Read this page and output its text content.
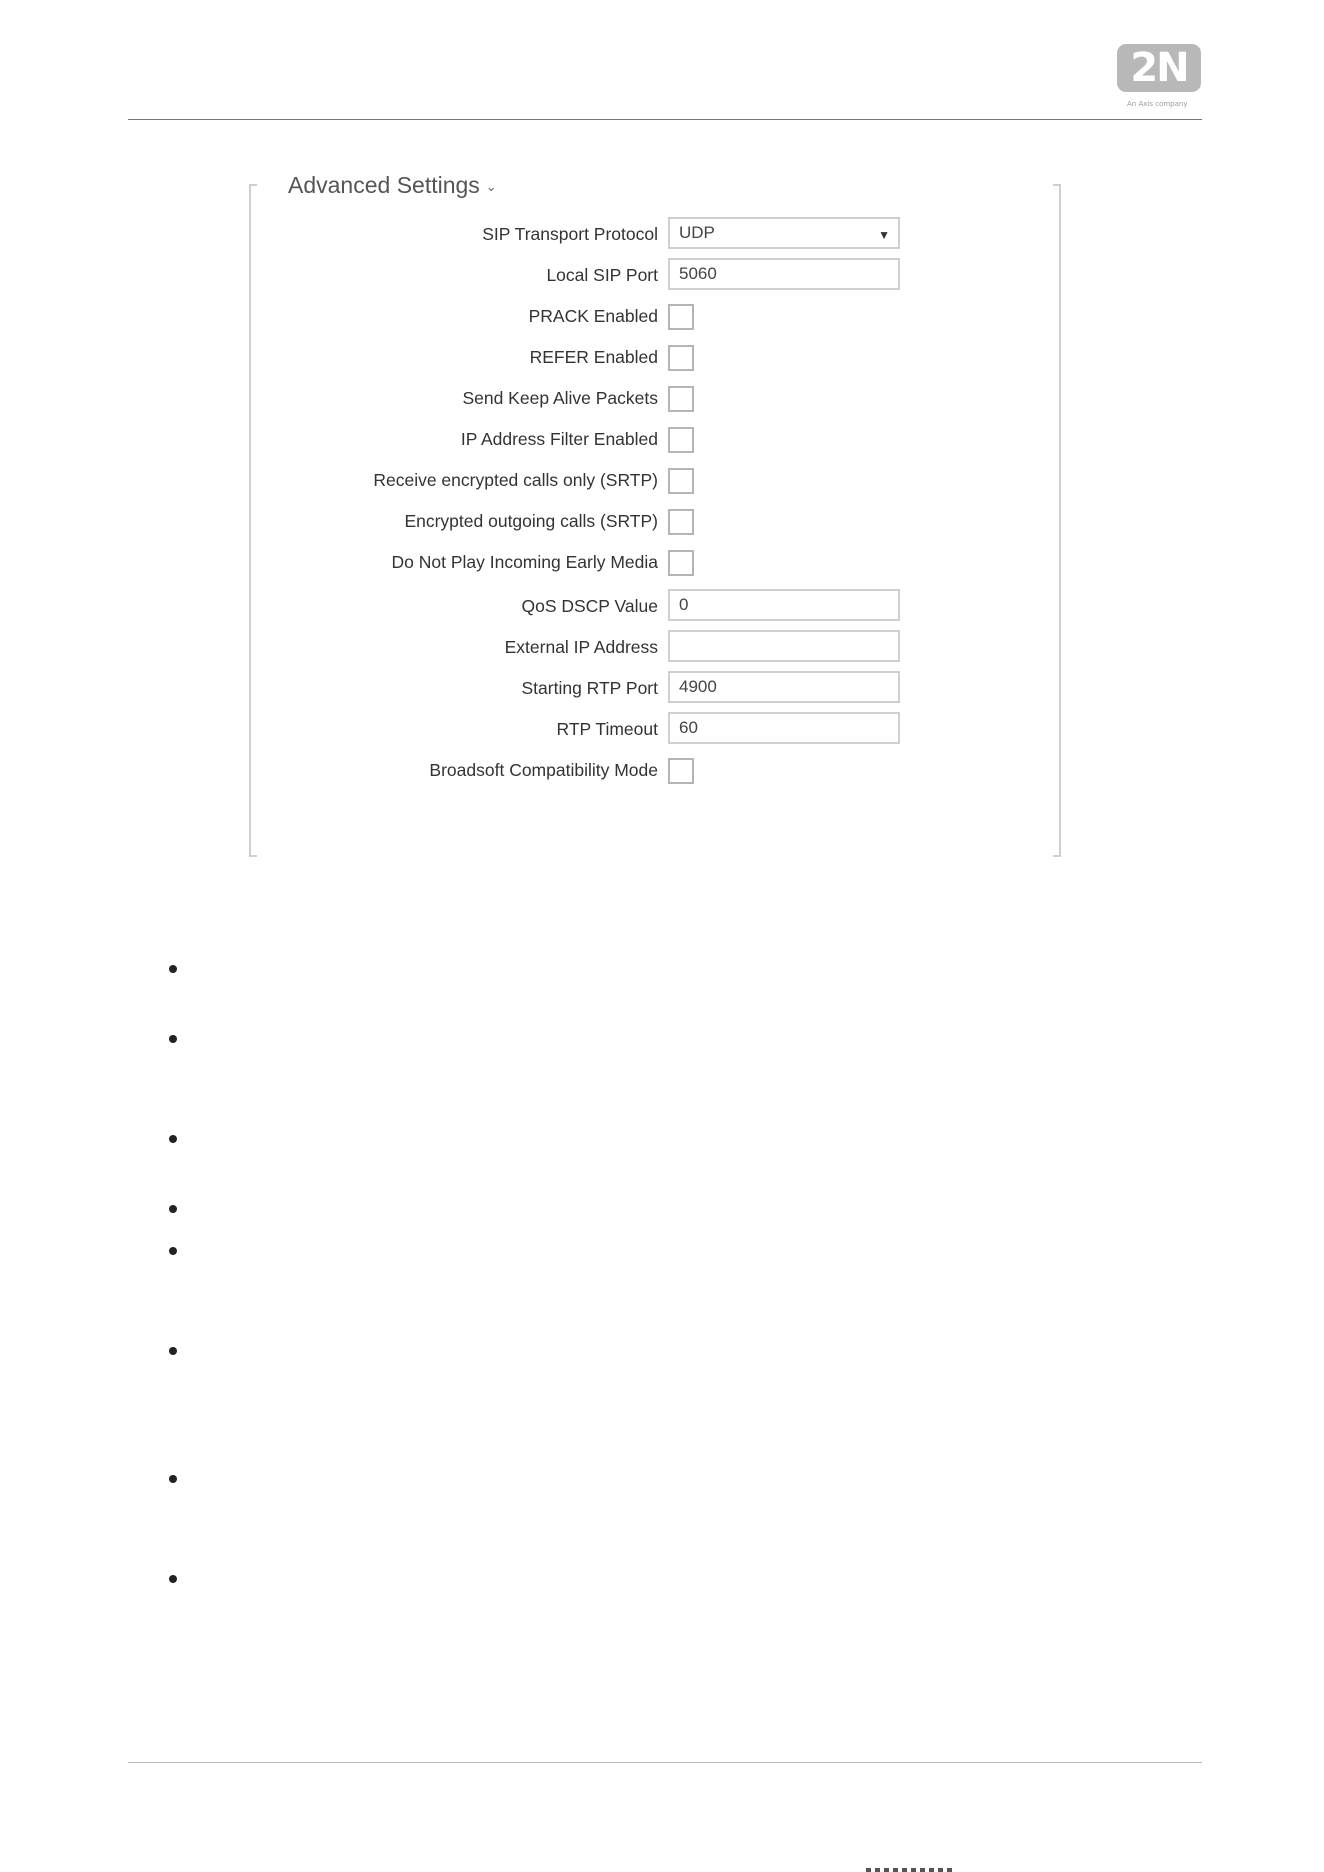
2N
An Axis company
Advanced Settings ⌄
SIP Transport Protocol	UDP	▼
Local SIP Port	5060
PRACK Enabled
REFER Enabled
Send Keep Alive Packets
IP Address Filter Enabled
Receive encrypted calls only (SRTP)
Encrypted outgoing calls (SRTP)
Do Not Play Incoming Early Media
QoS DSCP Value	0
External IP Address
Starting RTP Port	4900
RTP Timeout	60
Broadsoft Compatibility Mode
